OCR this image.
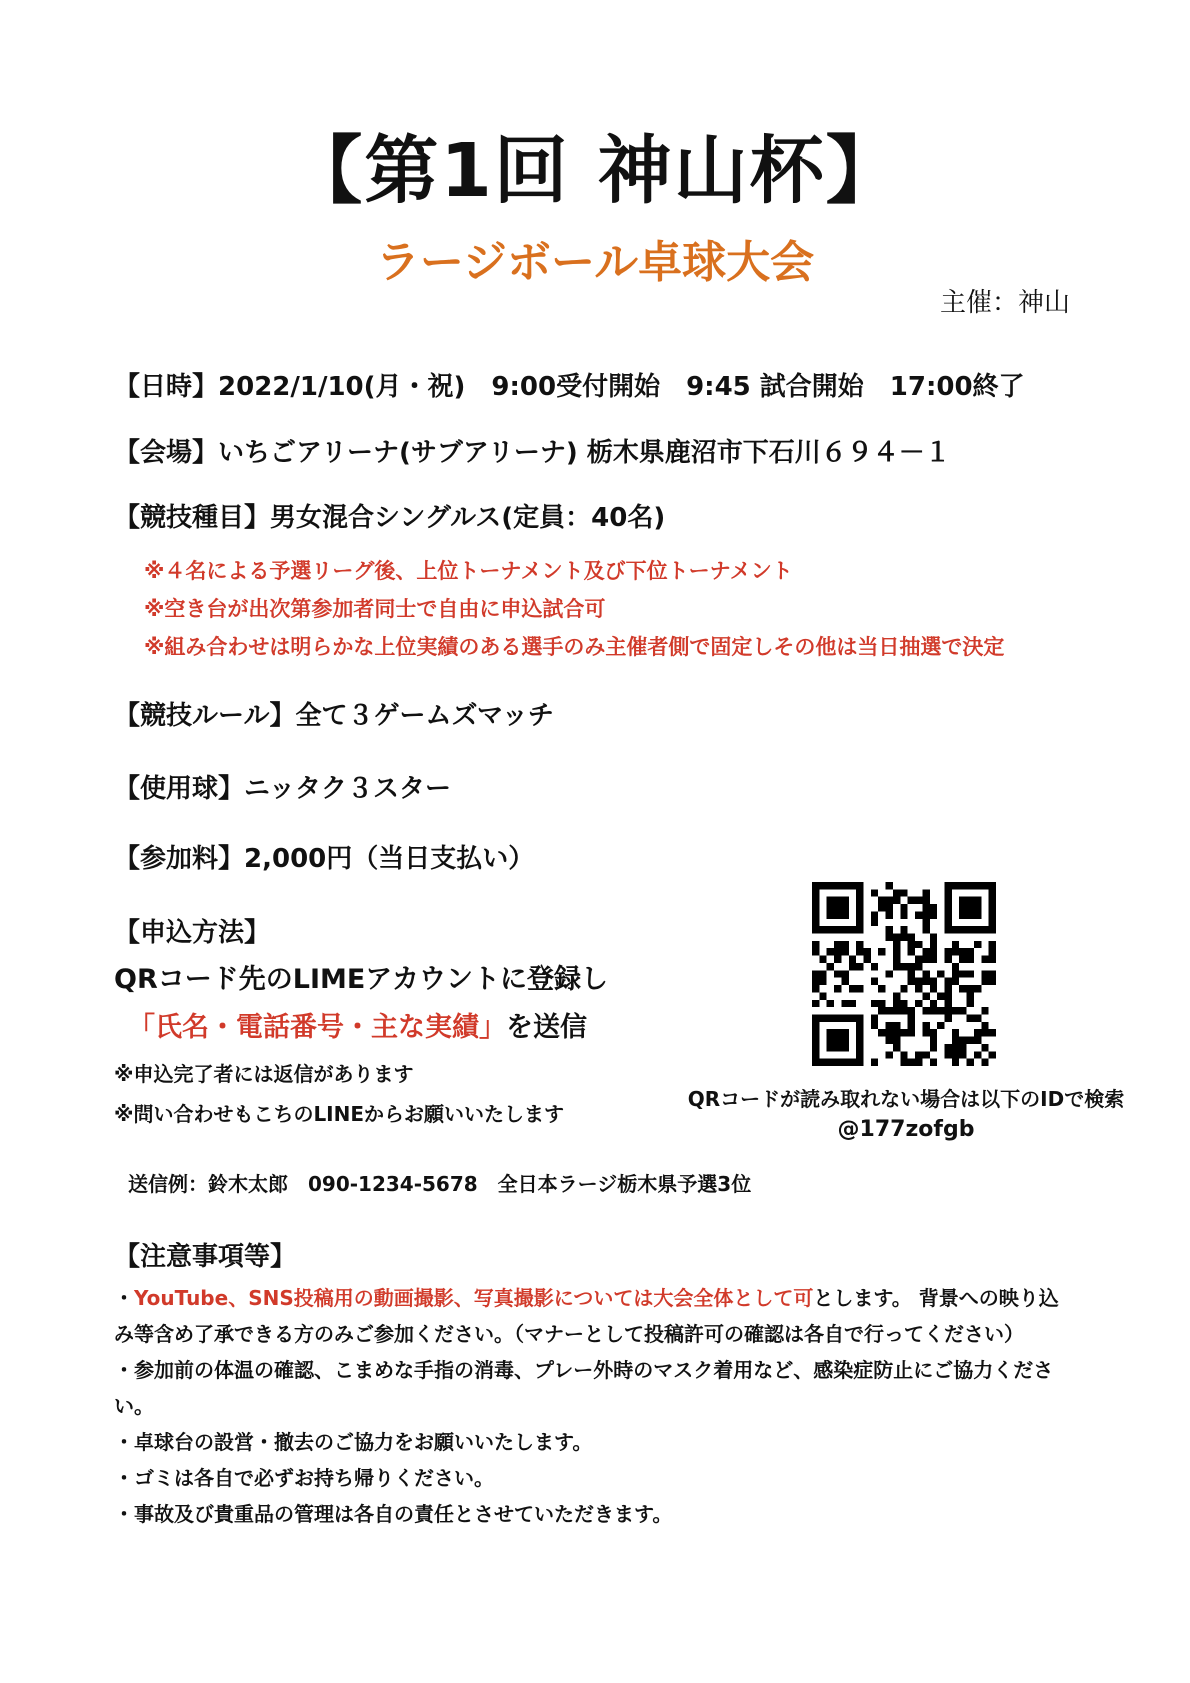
【第1回 神山杯】
ラージボール卓球大会
主催：神山
【日時】2022/1/10(月・祝)　9:00受付開始　9:45 試合開始　17:00終了
【会場】いちごアリーナ(サブアリーナ) 栃木県鹿沼市下石川６９４－１
【競技種目】男女混合シングルス(定員：40名)
※４名による予選リーグ後、上位トーナメント及び下位トーナメント
※空き台が出次第参加者同士で自由に申込試合可
※組み合わせは明らかな上位実績のある選手のみ主催者側で固定しその他は当日抽選で決定
【競技ルール】全て３ゲームズマッチ
【使用球】ニッタク３スター
【参加料】2,000円（当日支払い）
【申込方法】
QRコード先のLIMEアカウントに登録し
「氏名・電話番号・主な実績」を送信
※申込完了者には返信があります
※問い合わせもこちのLINEからお願いいたします
QRコードが読み取れない場合は以下のIDで検索
@177zofgb
送信例：鈴木太郎　090-1234-5678　全日本ラージ栃木県予選3位
【注意事項等】

・YouTube、SNS投稿用の動画撮影、写真撮影については大会全体として可とします。 背景への映り込み等含め了承できる方のみご参加ください。（マナーとして投稿許可の確認は各自で行ってください）

・参加前の体温の確認、こまめな手指の消毒、プレー外時のマスク着用など、感染症防止にご協力ください。

・卓球台の設営・撤去のご協力をお願いいたします。

・ゴミは各自で必ずお持ち帰りください。

・事故及び貴重品の管理は各自の責任とさせていただきます。
